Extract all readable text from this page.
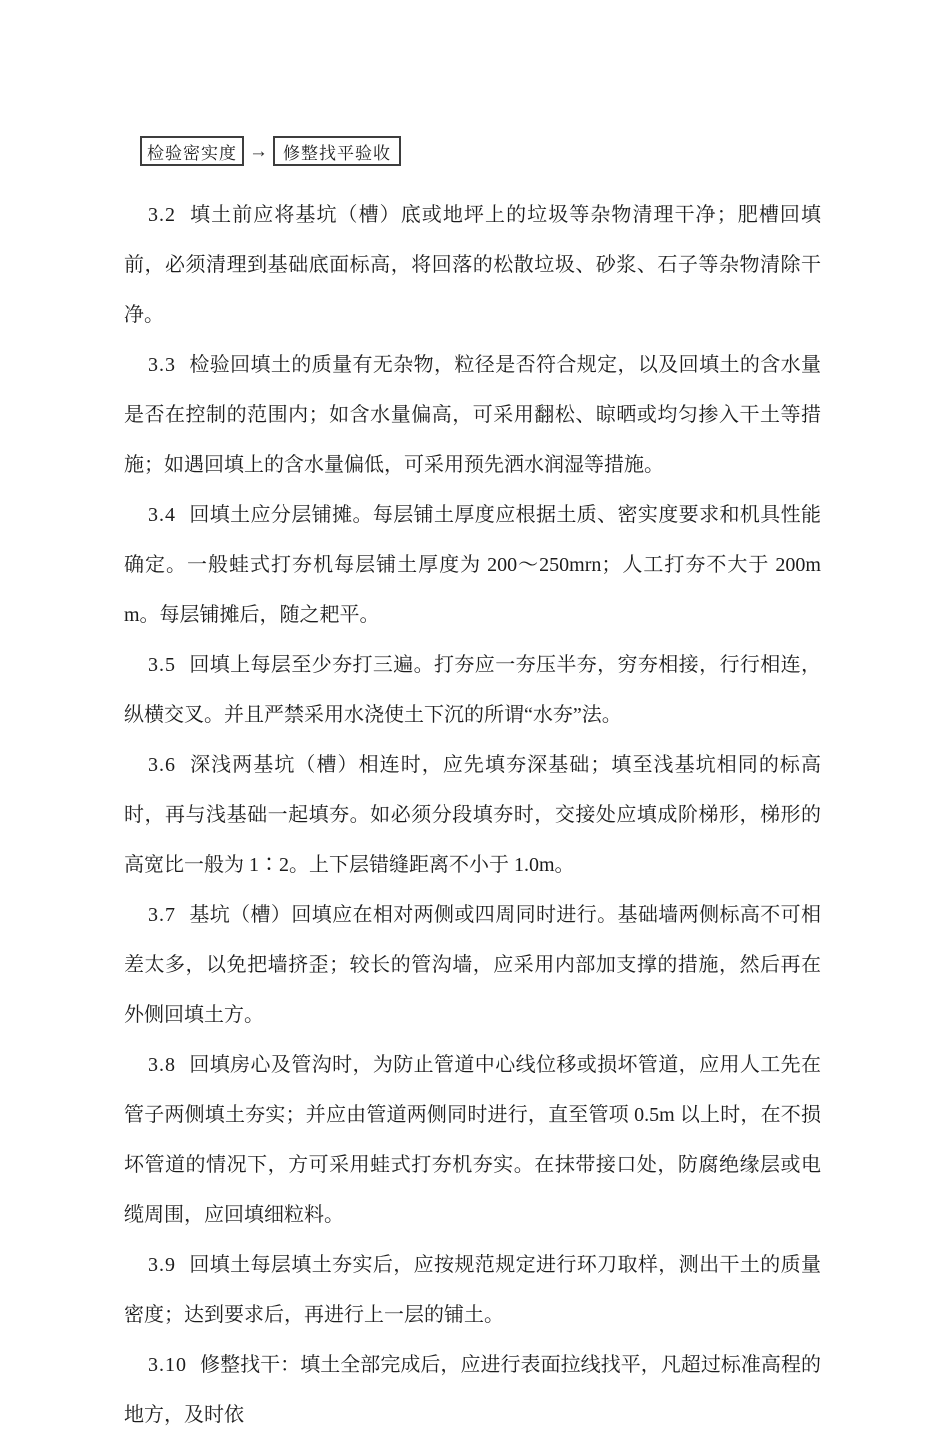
检验密实度 → 修整找平验收

3.2 填土前应将基坑（槽）底或地坪上的垃圾等杂物清理干净；肥槽回填前，必须清理到基础底面标高，将回落的松散垃圾、砂浆、石子等杂物清除干净。

3.3 检验回填土的质量有无杂物，粒径是否符合规定，以及回填土的含水量是否在控制的范围内；如含水量偏高，可采用翻松、晾晒或均匀掺入干土等措施；如遇回填上的含水量偏低，可采用预先洒水润湿等措施。

3.4 回填土应分层铺摊。每层铺土厚度应根据土质、密实度要求和机具性能确定。一般蛙式打夯机每层铺土厚度为 200～250mrn；人工打夯不大于 200mm。每层铺摊后，随之耙平。

3.5 回填上每层至少夯打三遍。打夯应一夯压半夯，穷夯相接，行行相连，纵横交叉。并且严禁采用水浇使土下沉的所谓“水夯”法。

3.6 深浅两基坑（槽）相连时，应先填夯深基础；填至浅基坑相同的标高时，再与浅基础一起填夯。如必须分段填夯时，交接处应填成阶梯形，梯形的高宽比一般为 1∶2。上下层错缝距离不小于 1.0m。

3.7 基坑（槽）回填应在相对两侧或四周同时进行。基础墙两侧标高不可相差太多，以免把墙挤歪；较长的管沟墙，应采用内部加支撑的措施，然后再在外侧回填土方。

3.8 回填房心及管沟时，为防止管道中心线位移或损坏管道，应用人工先在管子两侧填土夯实；并应由管道两侧同时进行，直至管项 0.5m 以上时，在不损坏管道的情况下，方可采用蛙式打夯机夯实。在抹带接口处，防腐绝缘层或电缆周围，应回填细粒料。

3.9 回填土每层填土夯实后，应按规范规定进行环刀取样，测出干土的质量密度；达到要求后，再进行上一层的铺土。

3.10 修整找干：填土全部完成后，应进行表面拉线找平，凡超过标准高程的地方，及时依
